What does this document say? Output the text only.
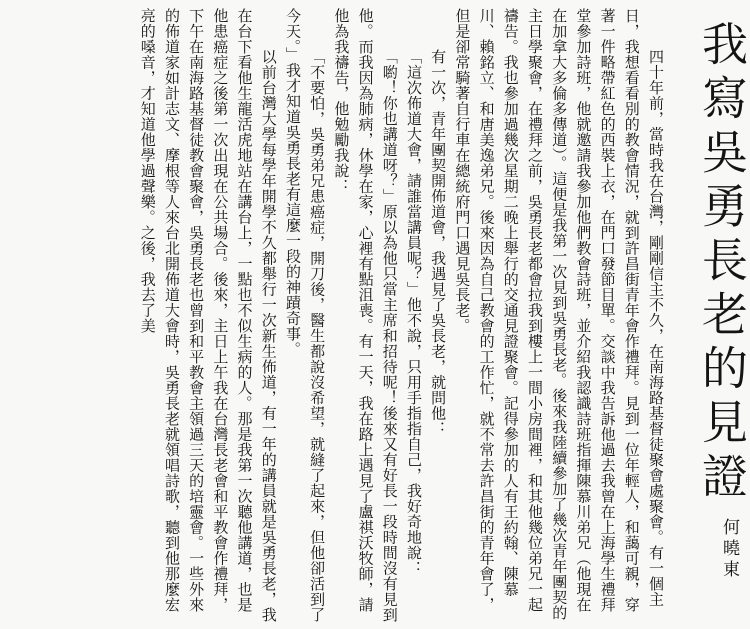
我寫吳勇長老的見證
何曉東

四十年前，當時我在台灣，剛剛信主不久，在南海路基督徒聚會處聚會。有一個主日，我想看看別的教會情況，就到許昌街青年會作禮拜。見到一位年輕人，和藹可親，穿著一件略帶紅色的西裝上衣，在門口發節目單。交談中我告訴他過去我曾在上海學生禮拜堂參加詩班，他就邀請我參加他們教會詩班，並介紹我認識詩班指揮陳慕川弟兄（他現在在加拿大多倫多傳道）。這便是我第一次見到吳勇長老。後來我陸續參加了幾次青年團契的主日學聚會，在禮拜之前，吳勇長老都會拉我到樓上一間小房間裡，和其他幾位弟兄一起禱告。我也參加過幾次星期二晚上舉行的交通見證聚會。記得參加的人有王約翰、陳慕川、賴銘立、和唐美逸弟兄。後來因為自己教會的工作忙，就不常去許昌街的青年會了，但是卻常騎著自行車在總統府門口遇見吳長老。

有一次，青年團契開佈道會，我遇見了吳長老，就問他：

「這次佈道大會，請誰當講員呢？」他不說，只用手指指自己，我好奇地說：

「喲！你也講道呀？」原以為他只當主席和招待呢！後來又有好長一段時間沒有見到他。而我因為肺病，休學在家，心裡有點沮喪。有一天，我在路上遇見了盧祺沃牧師，請他為我禱告，他勉勵我說：

「不要怕，吳勇弟兄患癌症，開刀後，醫生都說沒希望，就縫了起來，但他卻活到了今天。」我才知道吳勇長老有這麼一段的神蹟奇事。

以前台灣大學每學年開學不久都舉行一次新生佈道，有一年的講員就是吳勇長老，我在台下看他生龍活虎地站在講台上，一點也不似生病的人。那是我第一次聽他講道，也是他患癌症之後第一次出現在公共場合。後來，主日上午我在台灣長老會和平教會作禮拜，下午在南海路基督徒教會聚會，吳勇長老也曾到和平教會主領過三天的培靈會。一些外來的佈道家如計志文、摩根等人來台北開佈道大會時，吳勇長老就領唱詩歌，聽到他那麼宏亮的嗓音，才知道他學過聲樂。之後，我去了美
